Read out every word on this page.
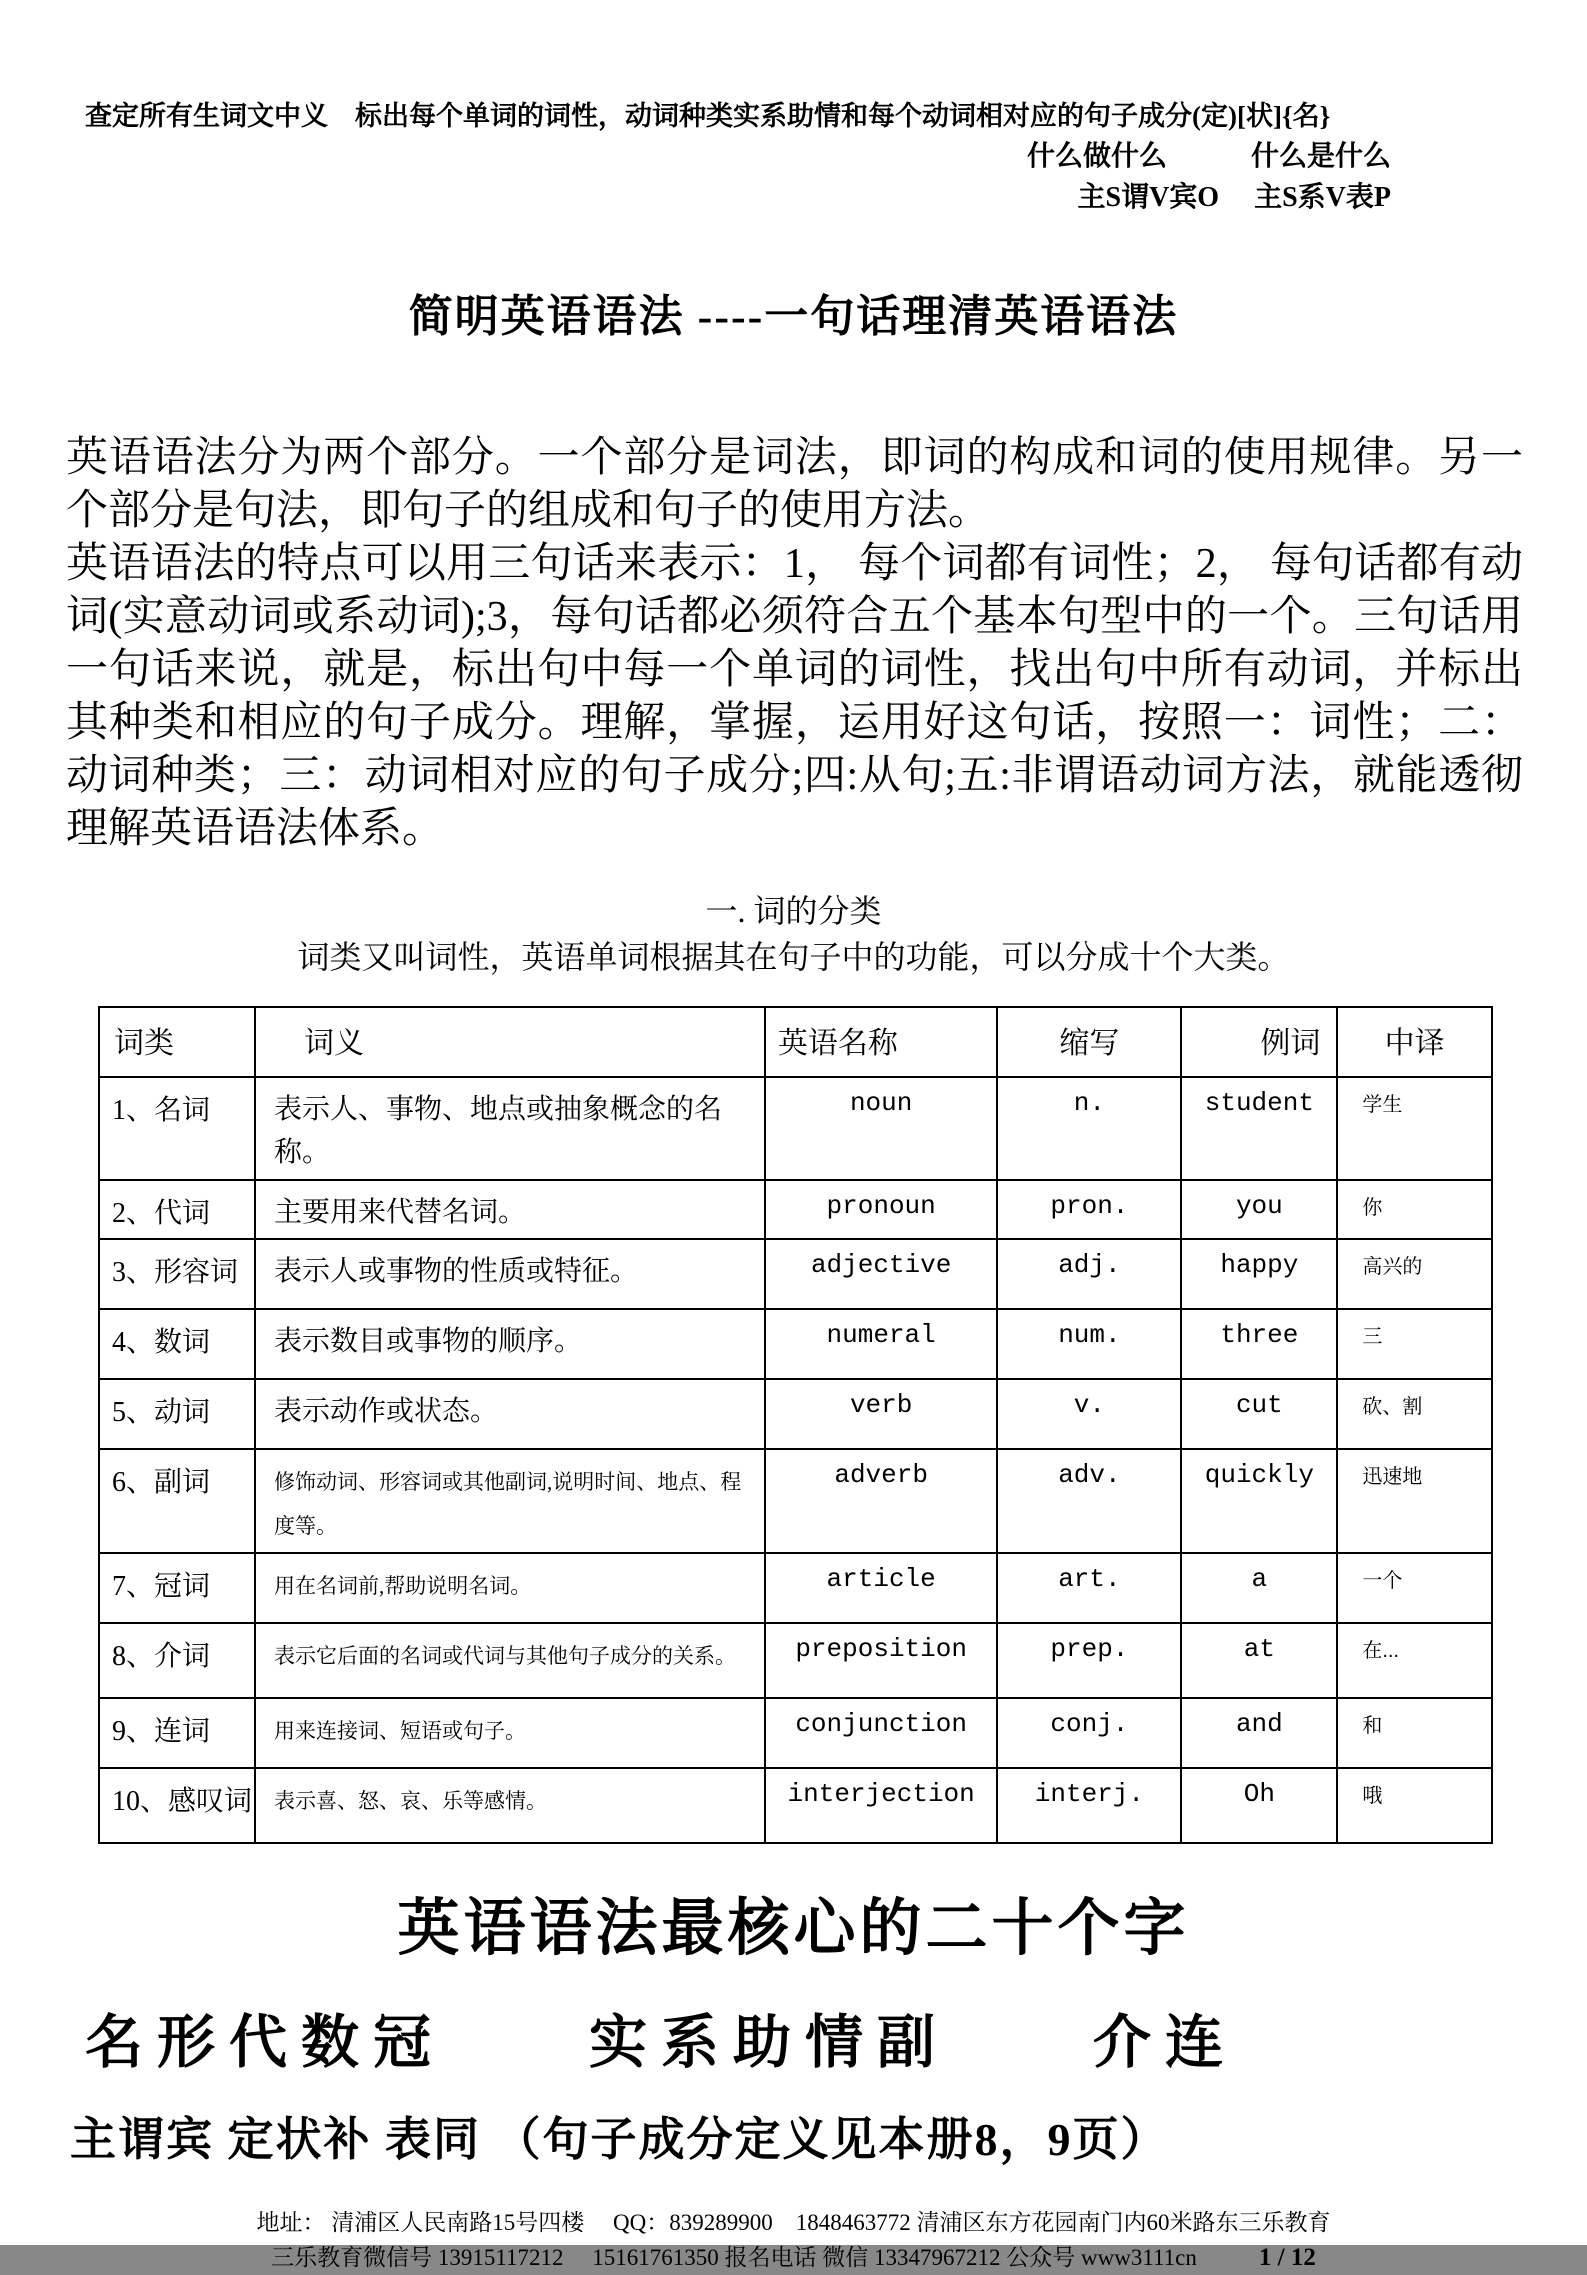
查定所有生词文中义　标出每个单词的词性，动词种类实系助情和每个动词相对应的句子成分(定)[状]{名}
什么做什么　　　什么是什么
主S谓V宾O　 主S系V表P
简明英语语法 ----一句话理清英语语法

英语语法分为两个部分。一个部分是词法，即词的构成和词的使用规律。另一个部分是句法，即句子的组成和句子的使用方法。

英语语法的特点可以用三句话来表示：1， 每个词都有词性；2， 每句话都有动词(实意动词或系动词);3，每句话都必须符合五个基本句型中的一个。三句话用一句话来说，就是，标出句中每一个单词的词性，找出句中所有动词，并标出其种类和相应的句子成分。理解，掌握，运用好这句话，按照一：词性；二：动词种类；三：动词相对应的句子成分;四:从句;五:非谓语动词方法，就能透彻理解英语语法体系。

一. 词的分类
词类又叫词性，英语单词根据其在句子中的功能，可以分成十个大类。
词类	词义	英语名称	缩写	例词	中译
1、名词	表示人、事物、地点或抽象概念的名称。	noun	n.	student	学生
2、代词	主要用来代替名词。	pronoun	pron.	you	你
3、形容词	表示人或事物的性质或特征。	adjective	adj.	happy	高兴的
4、数词	表示数目或事物的顺序。	numeral	num.	three	三
5、动词	表示动作或状态。	verb	v.	cut	砍、割
6、副词	修饰动词、形容词或其他副词,说明时间、地点、程度等。	adverb	adv.	quickly	迅速地
7、冠词	用在名词前,帮助说明名词。	article	art.	a	一个
8、介词	表示它后面的名词或代词与其他句子成分的关系。	preposition	prep.	at	在...
9、连词	用来连接词、短语或句子。	conjunction	conj.	and	和
10、感叹词	表示喜、怒、哀、乐等感情。	interjection	interj.	Oh	哦
英语语法最核心的二十个字
名形代数冠　　实系助情副　　介连
主谓宾 定状补 表同 （句子成分定义见本册8，9页）
地址： 清浦区人民南路15号四楼　 QQ：839289900　1848463772 清浦区东方花园南门内60米路东三乐教育
三乐教育微信号 13915117212　 15161761350 报名电话 微信 13347967212 公众号 www3111cn 1 / 12
